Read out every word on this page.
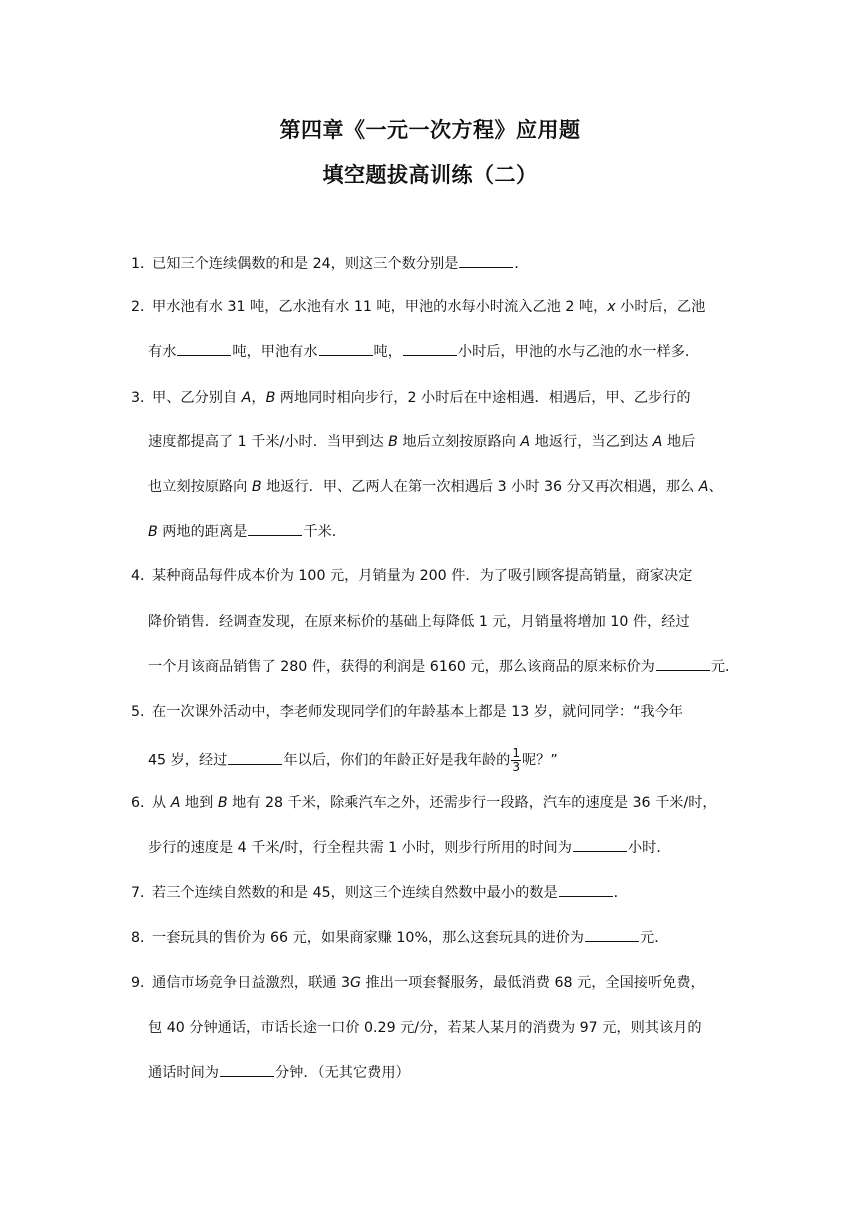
第四章《一元一次方程》应用题
填空题拔高训练（二）
1．
已知三个连续偶数的和是 24，则这三个数分别是	．
2．
甲水池有水 31 吨，乙水池有水 11 吨，甲池的水每小时流入乙池 2 吨，x 小时后，乙池
有水	吨，甲池有水	吨，	小时后，甲池的水与乙池的水一样多．
3．
甲、乙分别自 A，B 两地同时相向步行，2 小时后在中途相遇．相遇后，甲、乙步行的
速度都提高了 1 千米/小时．当甲到达 B 地后立刻按原路向 A 地返行，当乙到达 A 地后
也立刻按原路向 B 地返行．甲、乙两人在第一次相遇后 3 小时 36 分又再次相遇，那么 A、
B 两地的距离是	千米．
4．
某种商品每件成本价为 100 元，月销量为 200 件．为了吸引顾客提高销量，商家决定
降价销售．经调查发现，在原来标价的基础上每降低 1 元，月销量将增加 10 件，经过
一个月该商品销售了 280 件，获得的利润是 6160 元，那么该商品的原来标价为	元．
5．
在一次课外活动中，李老师发现同学们的年龄基本上都是 13 岁，就问同学：“我今年
45 岁，经过	年以后，你们的年龄正好是我年龄的 $\frac{1}{3}$ 呢？”
6．
从 A 地到 B 地有 28 千米，除乘汽车之外，还需步行一段路，汽车的速度是 36 千米/时，
步行的速度是 4 千米/时，行全程共需 1 小时，则步行所用的时间为	小时．
7．
若三个连续自然数的和是 45，则这三个连续自然数中最小的数是	．
8．
一套玩具的售价为 66 元，如果商家赚 10%，那么这套玩具的进价为	元．
9．
通信市场竞争日益激烈，联通 3G 推出一项套餐服务，最低消费 68 元，全国接听免费，
包 40 分钟通话，市话长途一口价 0.29 元/分，若某人某月的消费为 97 元，则其该月的
通话时间为	分钟．（无其它费用）
